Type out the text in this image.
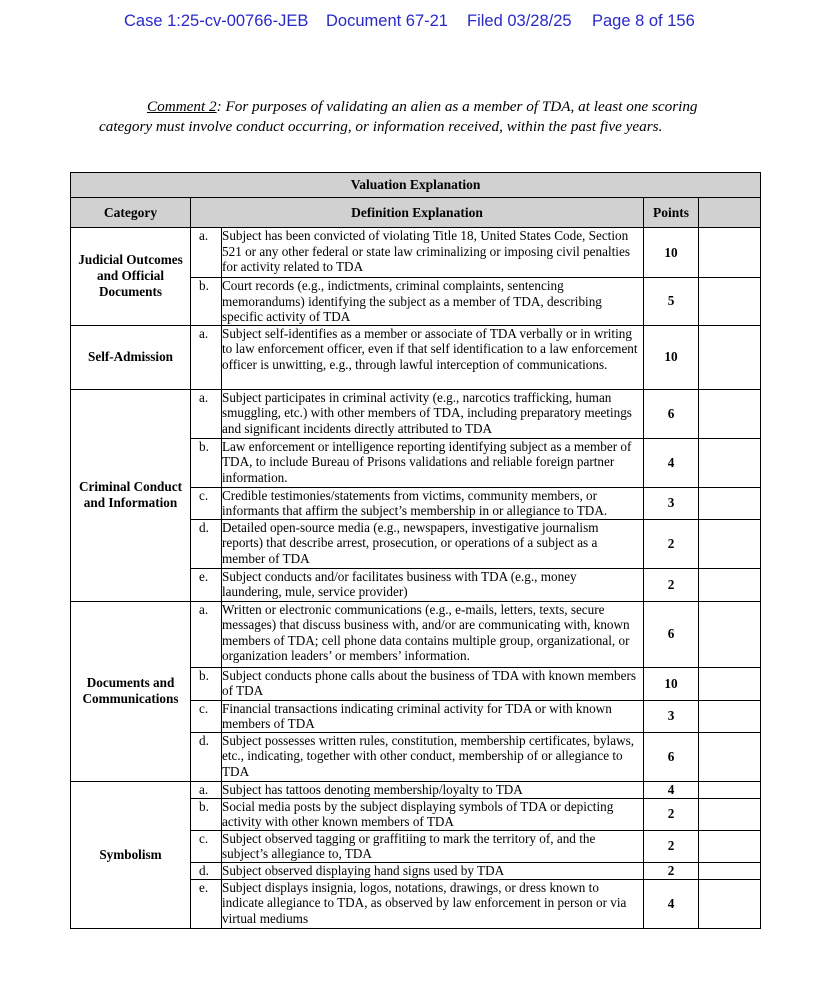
Case 1:25-cv-00766-JEB Document 67-21 Filed 03/28/25 Page 8 of 156
Comment 2: For purposes of validating an alien as a member of TDA, at least one scoring category must involve conduct occurring, or information received, within the past five years.
Valuation Explanation				
Category	Definition Explanation		Points	
Judicial Outcomes and Official Documents	a.	Subject has been convicted of violating Title 18, United States Code, Section 521 or any other federal or state law criminalizing or imposing civil penalties for activity related to TDA	10	
	b.	Court records (e.g., indictments, criminal complaints, sentencing memorandums) identifying the subject as a member of TDA, describing specific activity of TDA	5	
Self-Admission	a.	Subject self-identifies as a member or associate of TDA verbally or in writing to law enforcement officer, even if that self identification to a law enforcement officer is unwitting, e.g., through lawful interception of communications.	10	
Criminal Conduct and Information	a.	Subject participates in criminal activity (e.g., narcotics trafficking, human smuggling, etc.) with other members of TDA, including preparatory meetings and significant incidents directly attributed to TDA	6	
	b.	Law enforcement or intelligence reporting identifying subject as a member of TDA, to include Bureau of Prisons validations and reliable foreign partner information.	4	
	c.	Credible testimonies/statements from victims, community members, or informants that affirm the subject’s membership in or allegiance to TDA.	3	
	d.	Detailed open-source media (e.g., newspapers, investigative journalism reports) that describe arrest, prosecution, or operations of a subject as a member of TDA	2	
	e.	Subject conducts and/or facilitates business with TDA (e.g., money laundering, mule, service provider)	2	
Documents and Communications	a.	Written or electronic communications (e.g., e-mails, letters, texts, secure messages) that discuss business with, and/or are communicating with, known members of TDA; cell phone data contains multiple group, organizational, or organization leaders’ or members’ information.	6	
	b.	Subject conducts phone calls about the business of TDA with known members of TDA	10	
	c.	Financial transactions indicating criminal activity for TDA or with known members of TDA	3	
	d.	Subject possesses written rules, constitution, membership certificates, bylaws, etc., indicating, together with other conduct, membership of or allegiance to TDA	6	
Symbolism	a.	Subject has tattoos denoting membership/loyalty to TDA	4	
	b.	Social media posts by the subject displaying symbols of TDA or depicting activity with other known members of TDA	2	
	c.	Subject observed tagging or graffitiing to mark the territory of, and the subject’s allegiance to, TDA	2	
	d.	Subject observed displaying hand signs used by TDA	2	
	e.	Subject displays insignia, logos, notations, drawings, or dress known to indicate allegiance to TDA, as observed by law enforcement in person or via virtual mediums	4	
